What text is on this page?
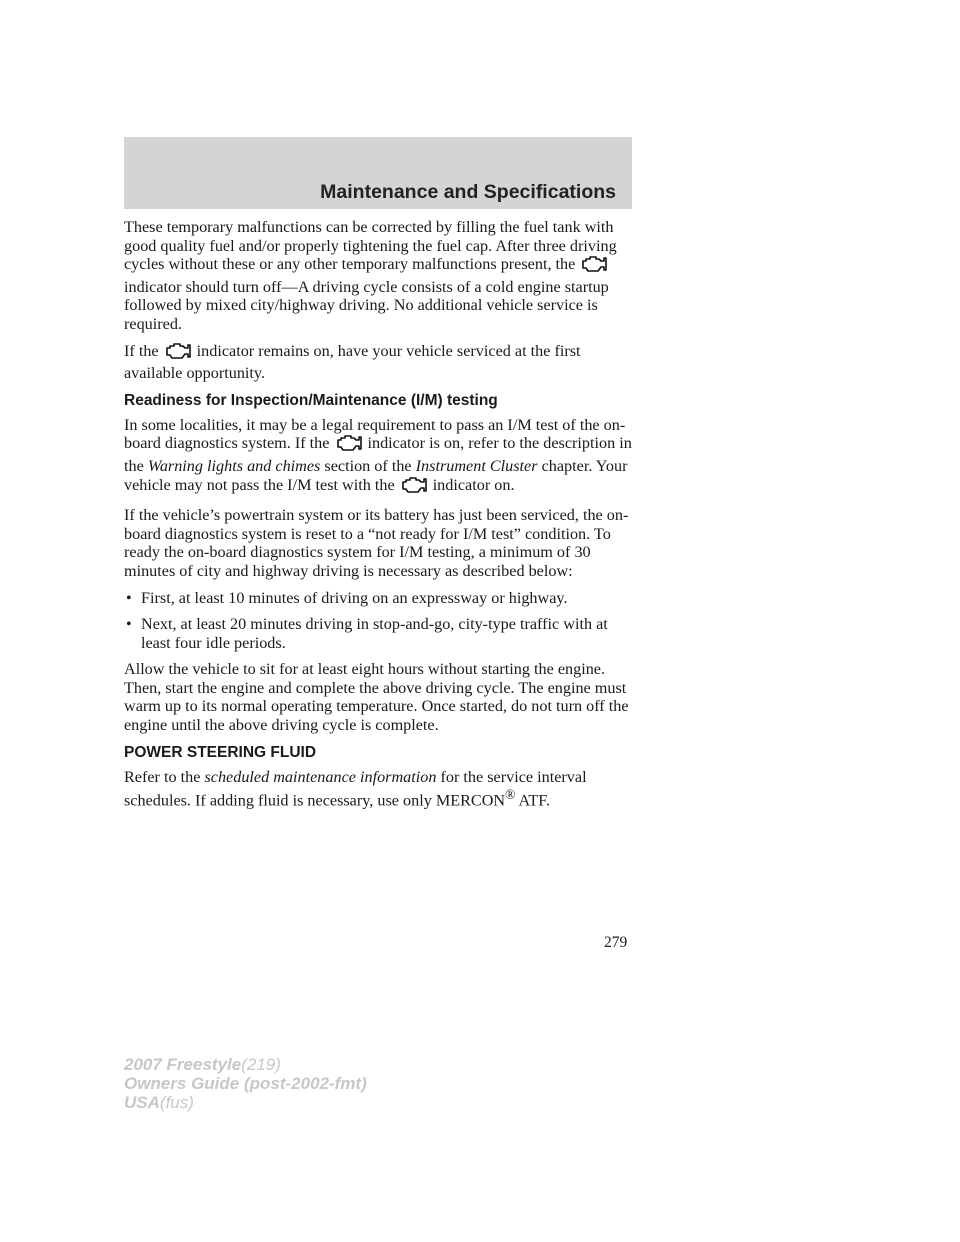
Maintenance and Specifications

These temporary malfunctions can be corrected by filling the fuel tank with good quality fuel and/or properly tightening the fuel cap. After three driving cycles without these or any other temporary malfunctions present, the indicator should turn off—A driving cycle consists of a cold engine startup followed by mixed city/highway driving. No additional vehicle service is required.

If the indicator remains on, have your vehicle serviced at the first available opportunity.

Readiness for Inspection/Maintenance (I/M) testing

In some localities, it may be a legal requirement to pass an I/M test of the on-board diagnostics system. If the indicator is on, refer to the description in the Warning lights and chimes section of the Instrument Cluster chapter. Your vehicle may not pass the I/M test with the indicator on.

If the vehicle’s powertrain system or its battery has just been serviced, the on-board diagnostics system is reset to a “not ready for I/M test” condition. To ready the on-board diagnostics system for I/M testing, a minimum of 30 minutes of city and highway driving is necessary as described below:

• First, at least 10 minutes of driving on an expressway or highway.
• Next, at least 20 minutes driving in stop-and-go, city-type traffic with at least four idle periods.

Allow the vehicle to sit for at least eight hours without starting the engine. Then, start the engine and complete the above driving cycle. The engine must warm up to its normal operating temperature. Once started, do not turn off the engine until the above driving cycle is complete.

POWER STEERING FLUID

Refer to the scheduled maintenance information for the service interval schedules. If adding fluid is necessary, use only MERCON® ATF.

279
2007 Freestyle(219)
Owners Guide (post-2002-fmt)
USA(fus)
